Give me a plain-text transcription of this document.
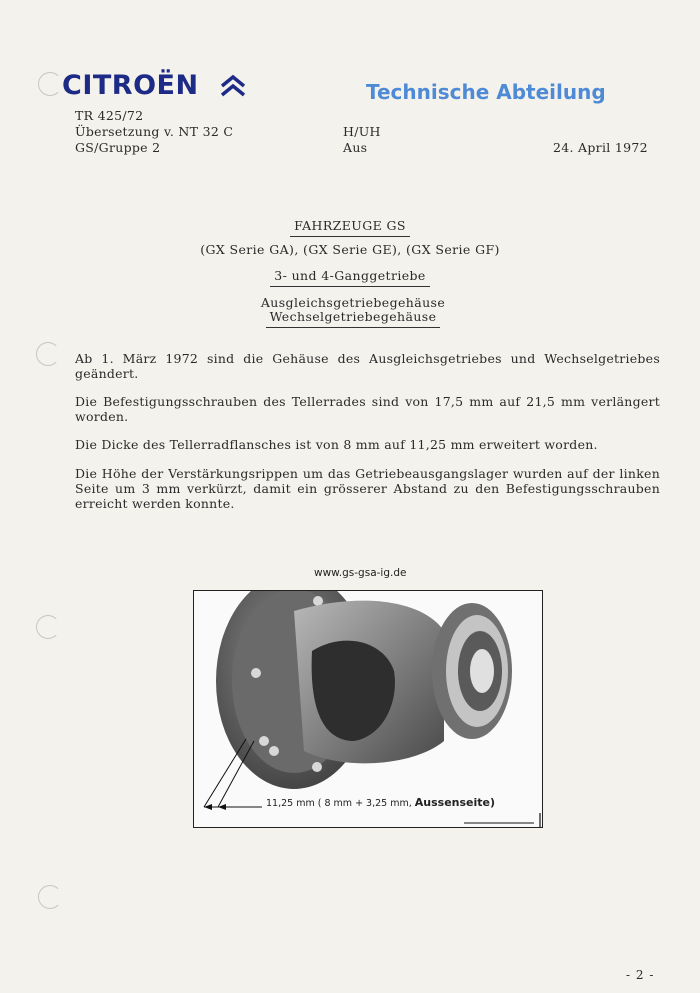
CITROËN	Technische Abteilung
TR 425/72
Übersetzung v. NT 32 C
GS/Gruppe 2
H/UH
Aus	24. April 1972
FAHRZEUGE GS
(GX Serie GA), (GX Serie GE), (GX Serie GF)
3- und 4-Ganggetriebe
Ausgleichsgetriebegehäuse
Wechselgetriebegehäuse
Ab 1. März 1972 sind die Gehäuse des Ausgleichsgetriebes und Wechselgetriebes geändert.
Die Befestigungsschrauben des Tellerrades sind von 17,5 mm auf 21,5 mm verlängert worden.
Die Dicke des Tellerradflansches ist von 8 mm auf 11,25 mm erweitert worden.
Die Höhe der Verstärkungsrippen um das Getriebeausgangslager wurden auf der linken Seite um 3 mm verkürzt, damit ein grösserer Abstand zu den Befestigungsschrauben erreicht werden konnte.
www.gs-gsa-ig.de
11,25 mm ( 8 mm + 3,25 mm, Aussenseite)
- 2 -
